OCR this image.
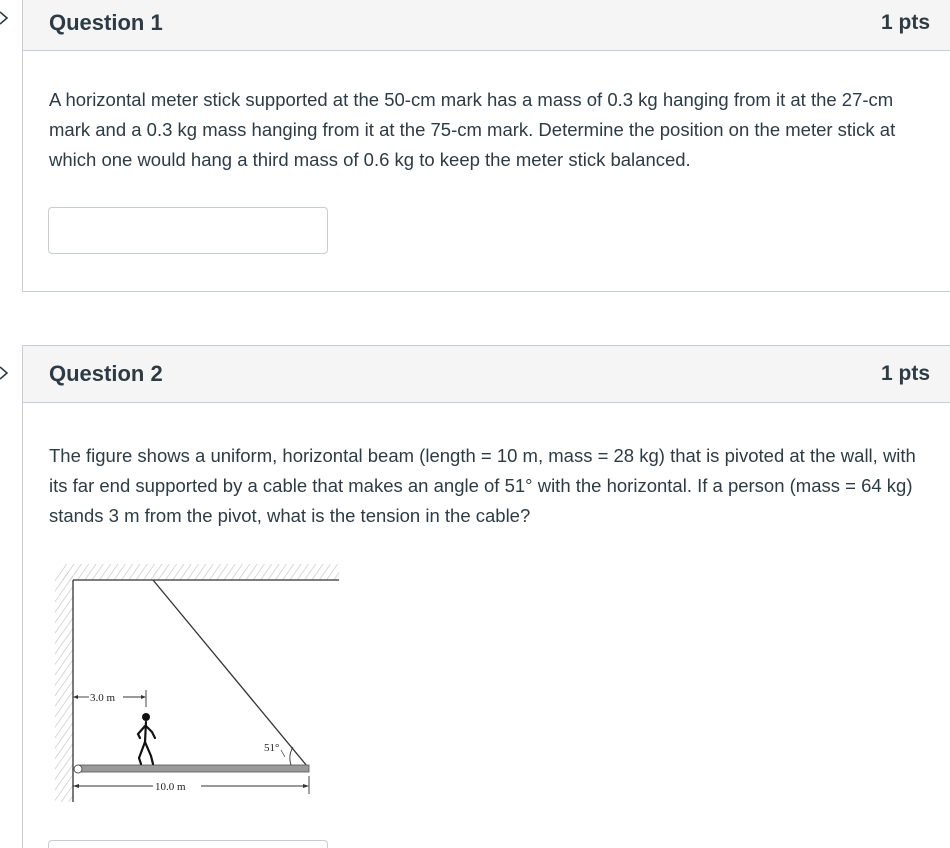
Question 1	1 pts
A horizontal meter stick supported at the 50-cm mark has a mass of 0.3 kg hanging from it at the 27-cm mark and a 0.3 kg mass hanging from it at the 75-cm mark. Determine the position on the meter stick at which one would hang a third mass of 0.6 kg to keep the meter stick balanced.
Question 2	1 pts
The figure shows a uniform, horizontal beam (length = 10 m, mass = 28 kg) that is pivoted at the wall, with its far end supported by a cable that makes an angle of 51° with the horizontal. If a person (mass = 64 kg) stands 3 m from the pivot, what is the tension in the cable?
51°
3.0 m
10.0 m
